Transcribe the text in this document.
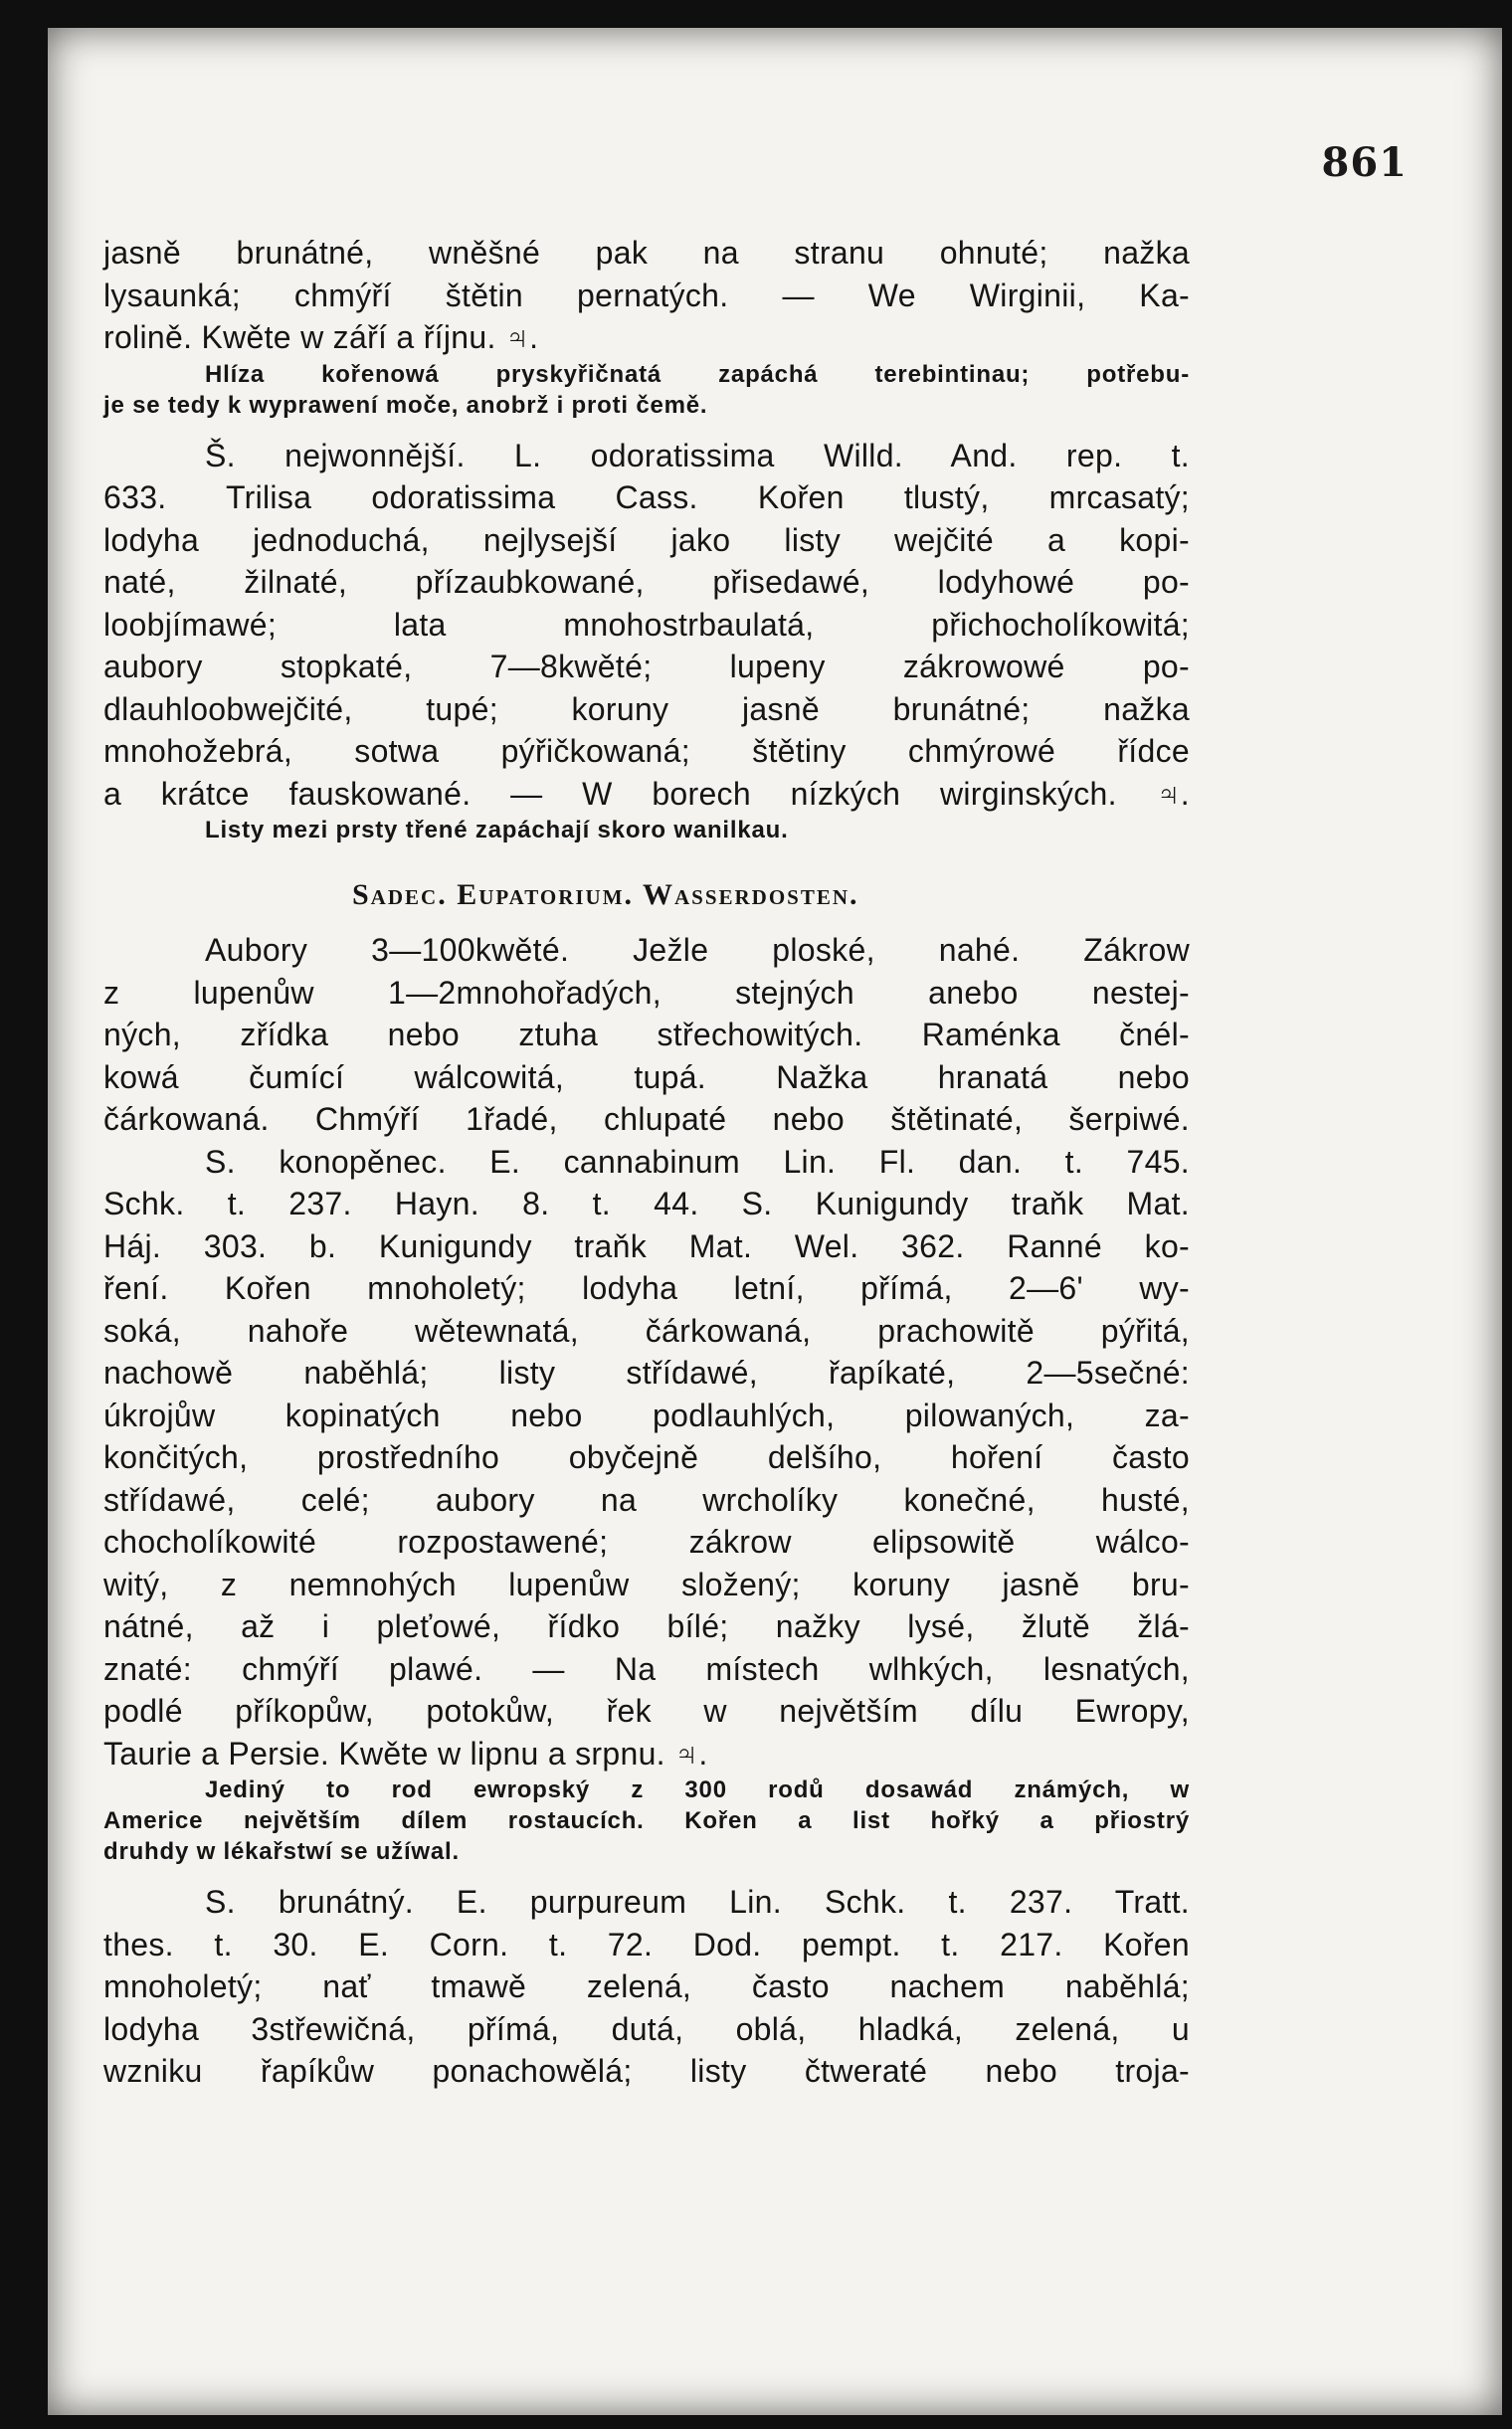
861
jasně brunátné, wněšné pak na stranu ohnuté; nažka
lysaunká; chmýří štětin pernatých. — We Wirginii, Ka-
rolině. Kwěte w září a říjnu. ♃.
Hlíza kořenowá pryskyřičnatá zapáchá terebintinau; potřebu-
je se tedy k wyprawení moče, anobrž i proti čemě.
Š. nejwonnější. L. odoratissima Willd. And. rep. t.
633. Trilisa odoratissima Cass. Kořen tlustý, mrcasatý;
lodyha jednoduchá, nejlysejší jako listy wejčité a kopi-
naté, žilnaté, přízaubkowané, přisedawé, lodyhowé po-
loobjímawé; lata mnohostrbaulatá, přichocholíkowitá;
aubory stopkaté, 7—8kwěté; lupeny zákrowowé po-
dlauhloobwejčité, tupé; koruny jasně brunátné; nažka
mnohožebrá, sotwa pýřičkowaná; štětiny chmýrowé řídce
a krátce fauskowané. — W borech nízkých wirginských. ♃.
Listy mezi prsty třené zapáchají skoro wanilkau.
Sadec. Eupatorium. Wasserdosten.
Aubory 3—100kwěté. Ježle ploské, nahé. Zákrow
z lupenůw 1—2mnohořadých, stejných anebo nestej-
ných, zřídka nebo ztuha střechowitých. Raménka čnél-
kowá čumící wálcowitá, tupá. Nažka hranatá nebo
čárkowaná. Chmýří 1řadé, chlupaté nebo štětinaté, šerpiwé.
S. konopěnec. E. cannabinum Lin. Fl. dan. t. 745.
Schk. t. 237. Hayn. 8. t. 44. S. Kunigundy traňk Mat.
Háj. 303. b. Kunigundy traňk Mat. Wel. 362. Ranné ko-
ření. Kořen mnoholetý; lodyha letní, přímá, 2—6' wy-
soká, nahoře wětewnatá, čárkowaná, prachowitě pýřitá,
nachowě naběhlá; listy střídawé, řapíkaté, 2—5sečné:
úkrojůw kopinatých nebo podlauhlých, pilowaných, za-
končitých, prostředního obyčejně delšího, hoření často
střídawé, celé; aubory na wrcholíky konečné, husté,
chocholíkowité rozpostawené; zákrow elipsowitě wálco-
witý, z nemnohých lupenůw složený; koruny jasně bru-
nátné, až i pleťowé, řídko bílé; nažky lysé, žlutě žlá-
znaté: chmýří plawé. — Na místech wlhkých, lesnatých,
podlé příkopůw, potokůw, řek w největším dílu Ewropy,
Taurie a Persie. Kwěte w lipnu a srpnu. ♃.
Jediný to rod ewropský z 300 rodů dosawád známých, w
Americe největším dílem rostaucích. Kořen a list hořký a přiostrý
druhdy w lékařstwí se užíwal.
S. brunátný. E. purpureum Lin. Schk. t. 237. Tratt.
thes. t. 30. E. Corn. t. 72. Dod. pempt. t. 217. Kořen
mnoholetý; nať tmawě zelená, často nachem naběhlá;
lodyha 3střewičná, přímá, dutá, oblá, hladká, zelená, u
wzniku řapíkůw ponachowělá; listy čtweraté nebo troja-
